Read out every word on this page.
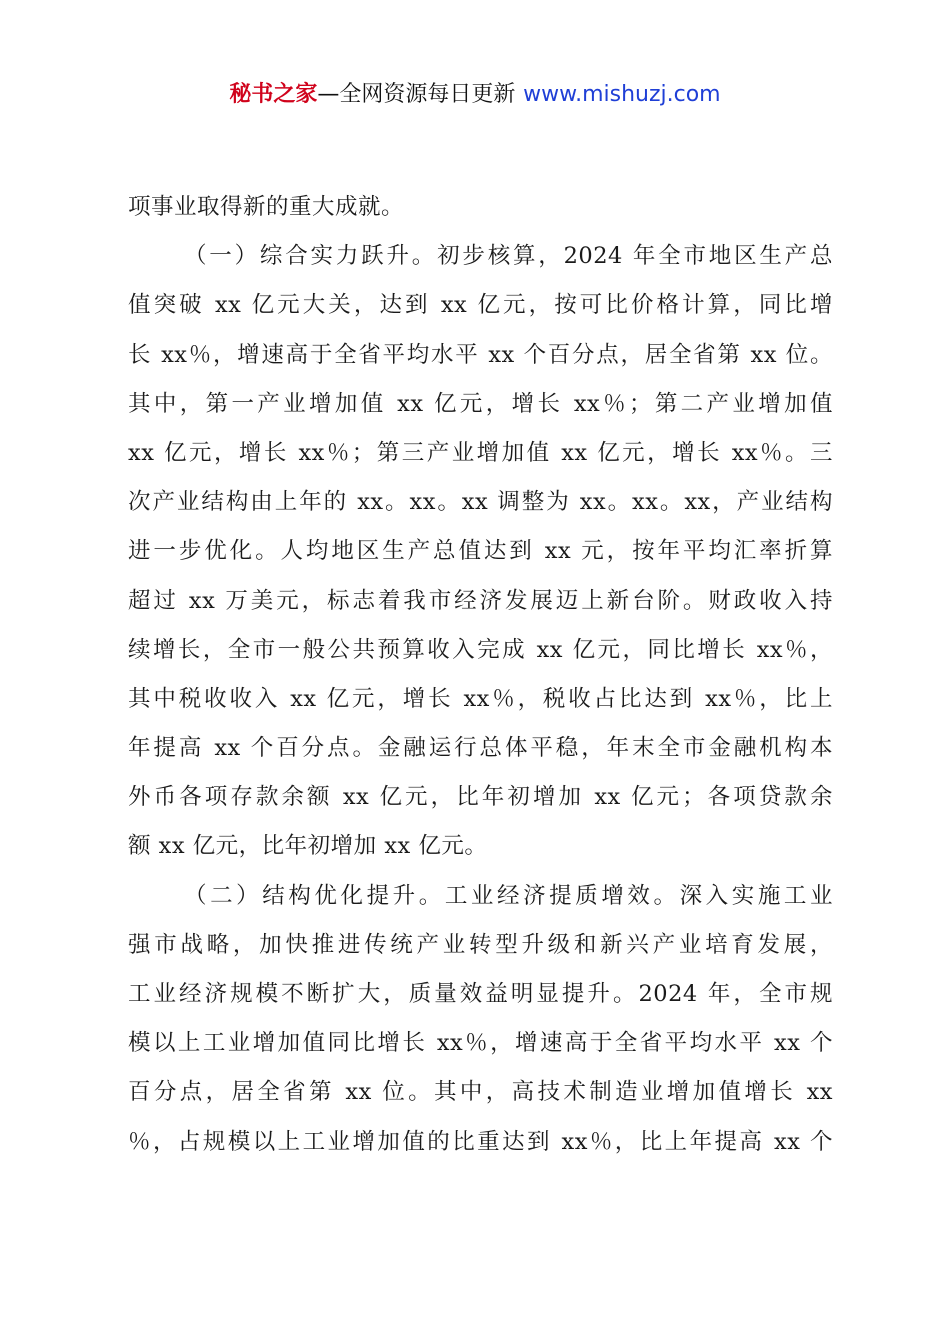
秘书之家—全网资源每日更新 www.mishuzj.com
项事业取得新的重大成就。
（一）综合实力跃升。初步核算，2024 年全市地区生产总
值突破 xx 亿元大关，达到 xx 亿元，按可比价格计算，同比增
长 xx％，增速高于全省平均水平 xx 个百分点，居全省第 xx 位。
其中，第一产业增加值 xx 亿元，增长 xx％；第二产业增加值
xx 亿元，增长 xx％；第三产业增加值 xx 亿元，增长 xx％。三
次产业结构由上年的 xx。xx。xx 调整为 xx。xx。xx，产业结构
进一步优化。人均地区生产总值达到 xx 元，按年平均汇率折算
超过 xx 万美元，标志着我市经济发展迈上新台阶。财政收入持
续增长，全市一般公共预算收入完成 xx 亿元，同比增长 xx％，
其中税收收入 xx 亿元，增长 xx％，税收占比达到 xx％，比上
年提高 xx 个百分点。金融运行总体平稳，年末全市金融机构本
外币各项存款余额 xx 亿元，比年初增加 xx 亿元；各项贷款余
额 xx 亿元，比年初增加 xx 亿元。
（二）结构优化提升。工业经济提质增效。深入实施工业
强市战略，加快推进传统产业转型升级和新兴产业培育发展，
工业经济规模不断扩大，质量效益明显提升。2024 年，全市规
模以上工业增加值同比增长 xx％，增速高于全省平均水平 xx 个
百分点，居全省第 xx 位。其中，高技术制造业增加值增长 xx
％，占规模以上工业增加值的比重达到 xx％，比上年提高 xx 个
